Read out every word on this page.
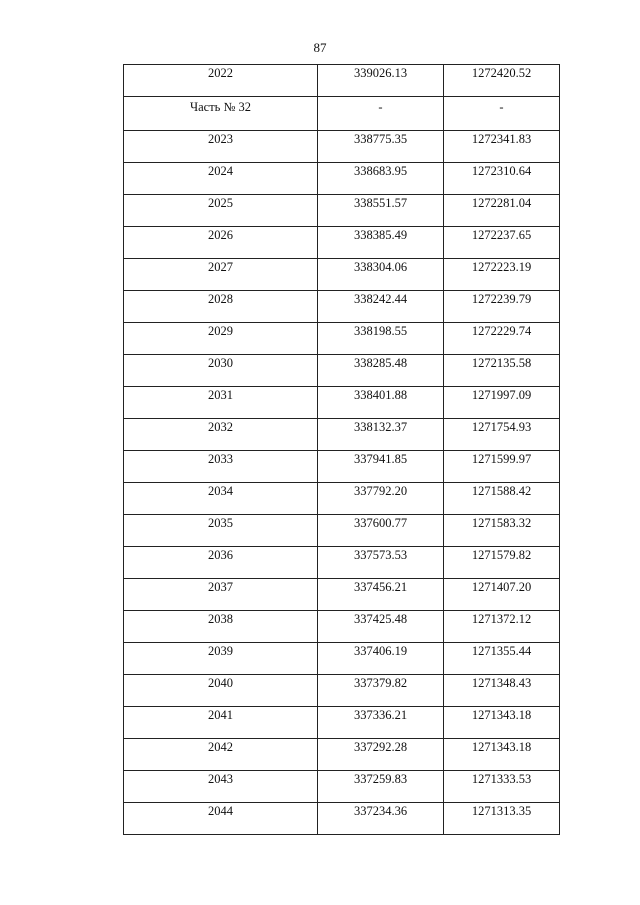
87
2022	339026.13	1272420.52
Часть № 32	-	-
2023	338775.35	1272341.83
2024	338683.95	1272310.64
2025	338551.57	1272281.04
2026	338385.49	1272237.65
2027	338304.06	1272223.19
2028	338242.44	1272239.79
2029	338198.55	1272229.74
2030	338285.48	1272135.58
2031	338401.88	1271997.09
2032	338132.37	1271754.93
2033	337941.85	1271599.97
2034	337792.20	1271588.42
2035	337600.77	1271583.32
2036	337573.53	1271579.82
2037	337456.21	1271407.20
2038	337425.48	1271372.12
2039	337406.19	1271355.44
2040	337379.82	1271348.43
2041	337336.21	1271343.18
2042	337292.28	1271343.18
2043	337259.83	1271333.53
2044	337234.36	1271313.35
